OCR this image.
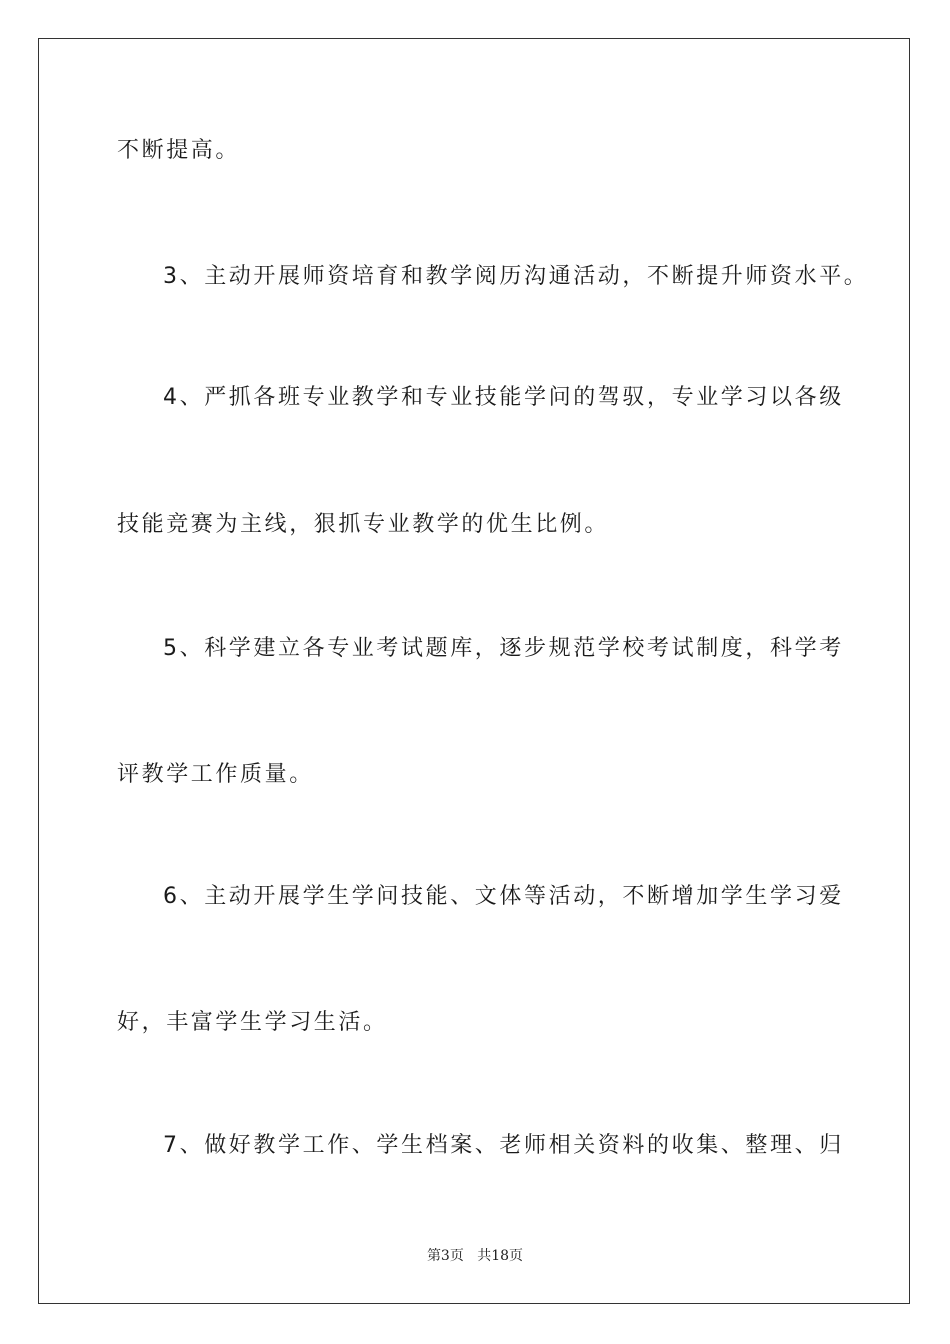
不断提高。
3、主动开展师资培育和教学阅历沟通活动，不断提升师资水平。
4、严抓各班专业教学和专业技能学问的驾驭，专业学习以各级
技能竞赛为主线，狠抓专业教学的优生比例。
5、科学建立各专业考试题库，逐步规范学校考试制度，科学考
评教学工作质量。
6、主动开展学生学问技能、文体等活动，不断增加学生学习爱
好，丰富学生学习生活。
7、做好教学工作、学生档案、老师相关资料的收集、整理、归
第3页 共18页
